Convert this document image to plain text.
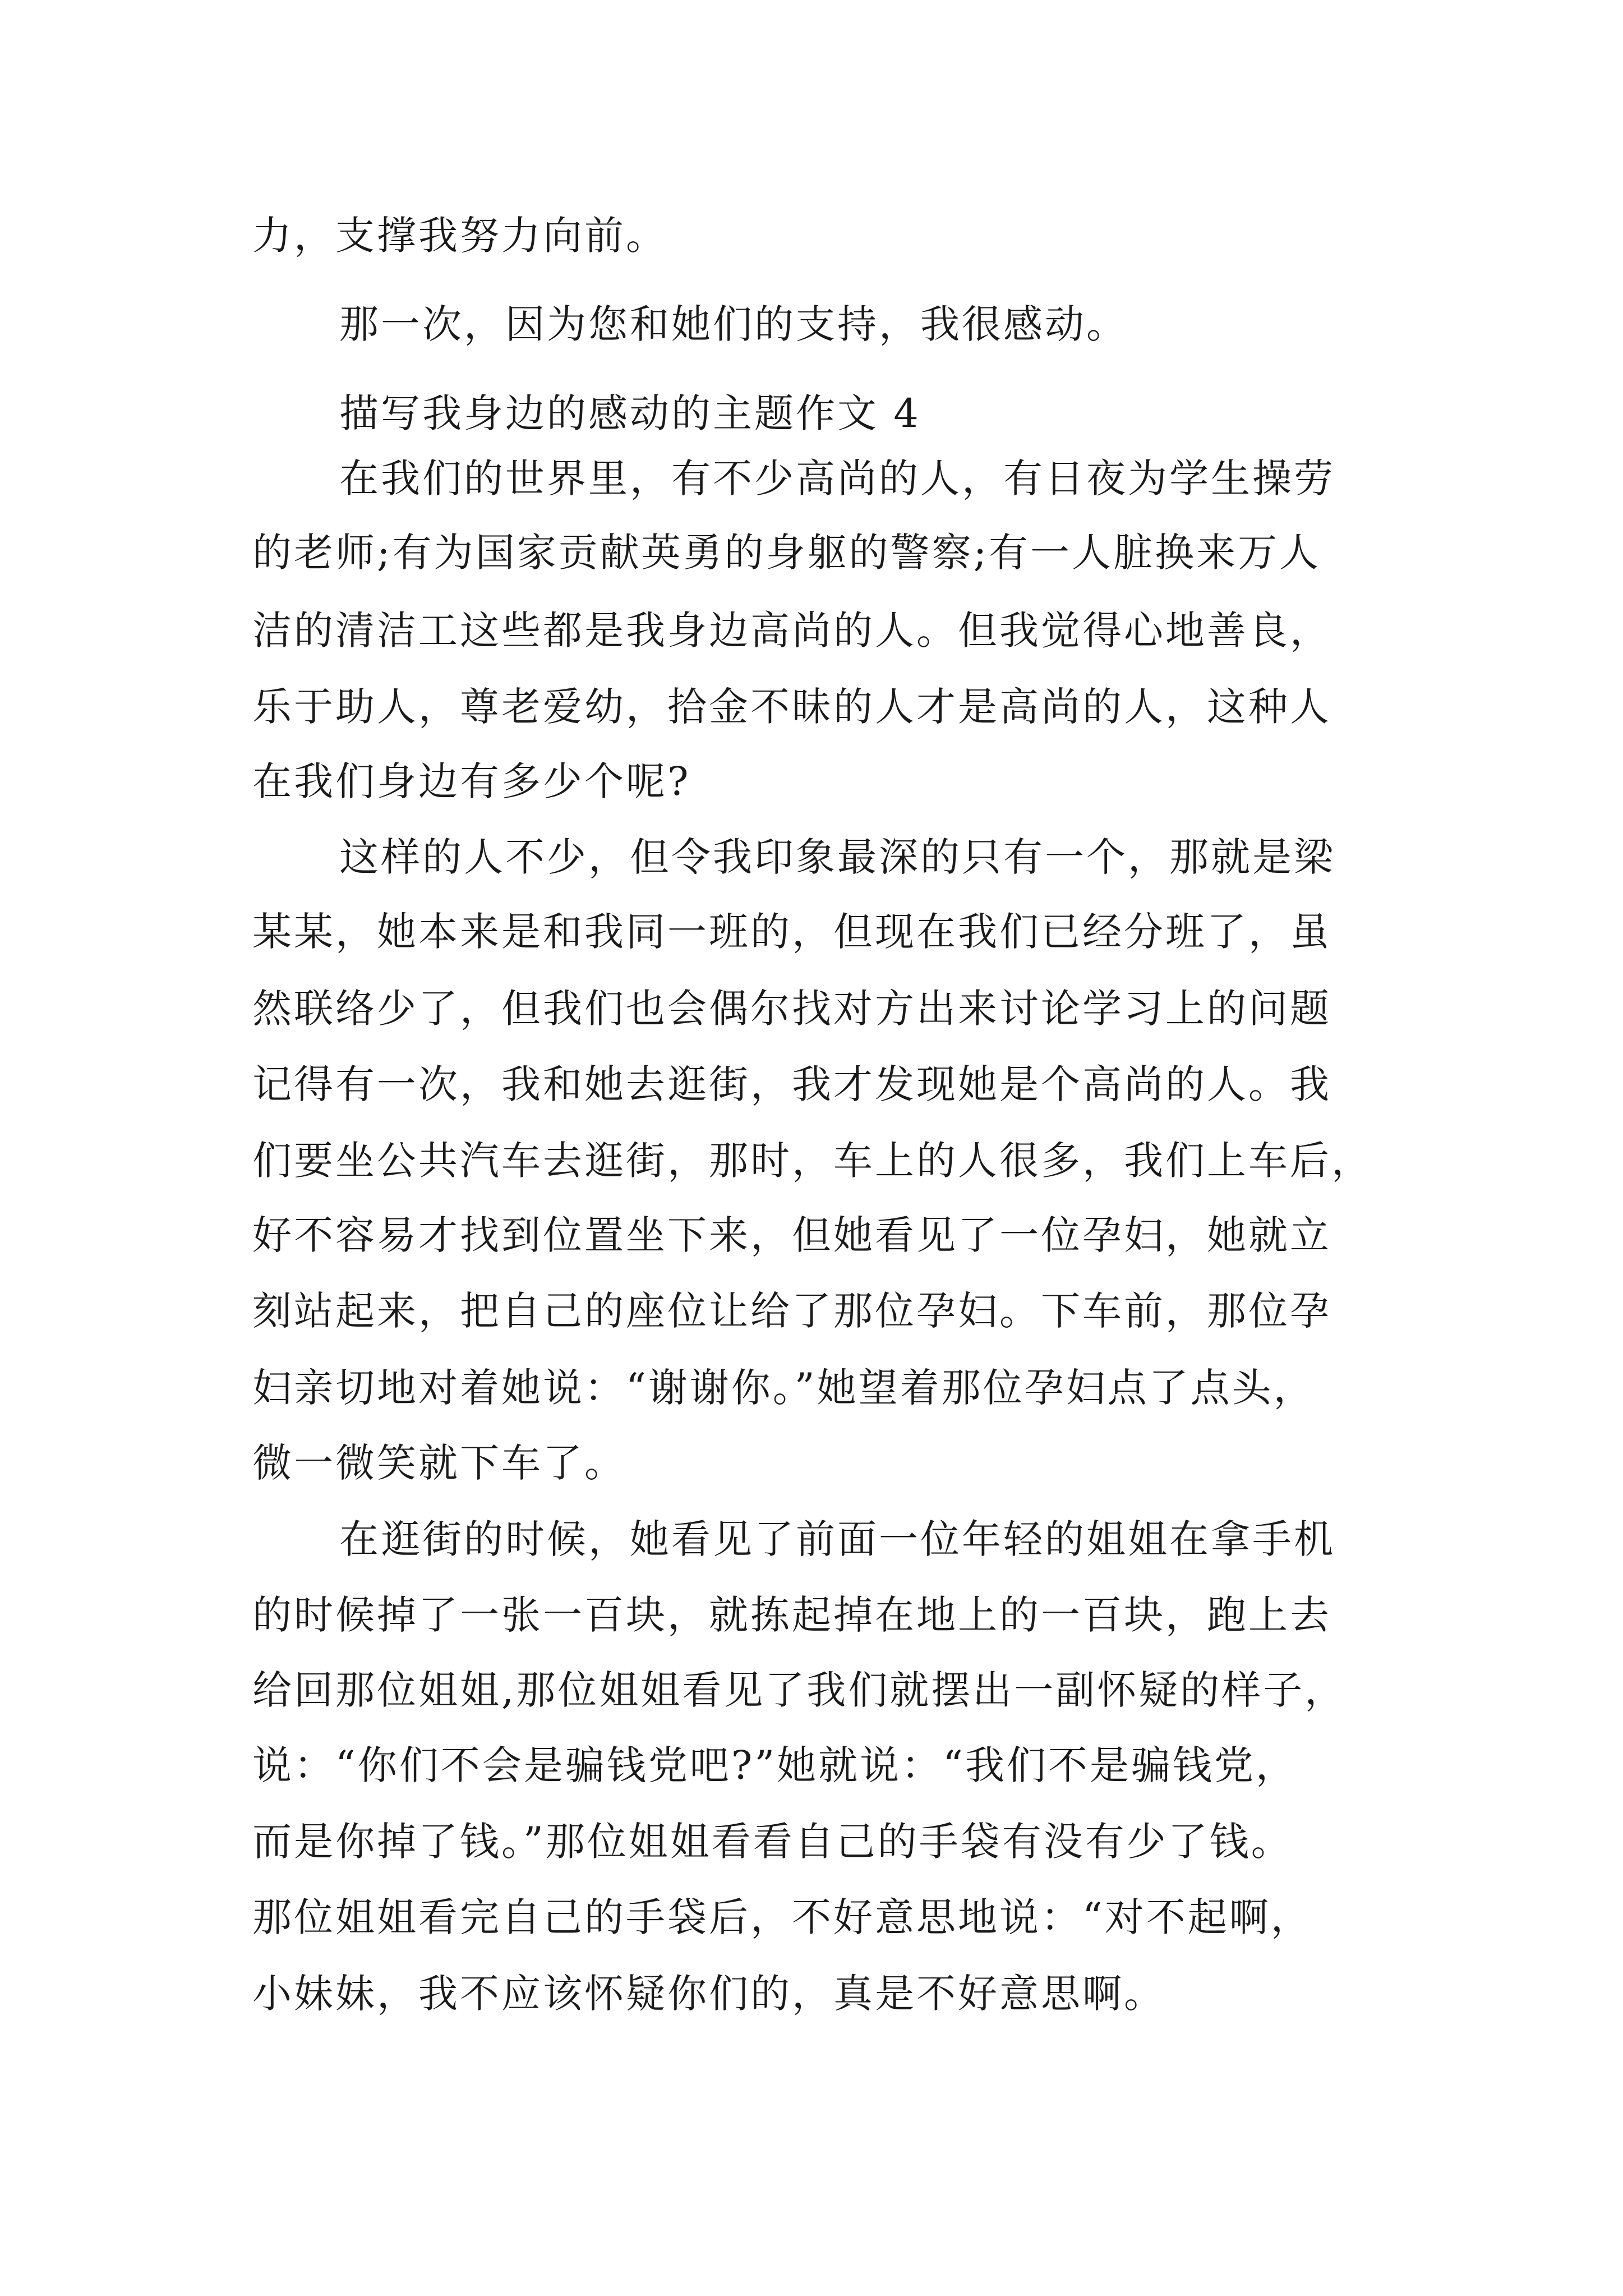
力，支撑我努力向前。
那一次，因为您和她们的支持，我很感动。
描写我身边的感动的主题作文 4
在我们的世界里，有不少高尚的人，有日夜为学生操劳
的老师;有为国家贡献英勇的身躯的警察;有一人脏换来万人
洁的清洁工这些都是我身边高尚的人。但我觉得心地善良，
乐于助人，尊老爱幼，拾金不昧的人才是高尚的人，这种人
在我们身边有多少个呢?
这样的人不少，但令我印象最深的只有一个，那就是梁
某某，她本来是和我同一班的，但现在我们已经分班了，虽
然联络少了，但我们也会偶尔找对方出来讨论学习上的问题
记得有一次，我和她去逛街，我才发现她是个高尚的人。我
们要坐公共汽车去逛街，那时，车上的人很多，我们上车后，
好不容易才找到位置坐下来，但她看见了一位孕妇，她就立
刻站起来，把自己的座位让给了那位孕妇。下车前，那位孕
妇亲切地对着她说：“谢谢你。”她望着那位孕妇点了点头，
微一微笑就下车了。
在逛街的时候，她看见了前面一位年轻的姐姐在拿手机
的时候掉了一张一百块，就拣起掉在地上的一百块，跑上去
给回那位姐姐,那位姐姐看见了我们就摆出一副怀疑的样子，
说：“你们不会是骗钱党吧?”她就说：“我们不是骗钱党，
而是你掉了钱。”那位姐姐看看自己的手袋有没有少了钱。
那位姐姐看完自己的手袋后，不好意思地说：“对不起啊，
小妹妹，我不应该怀疑你们的，真是不好意思啊。
